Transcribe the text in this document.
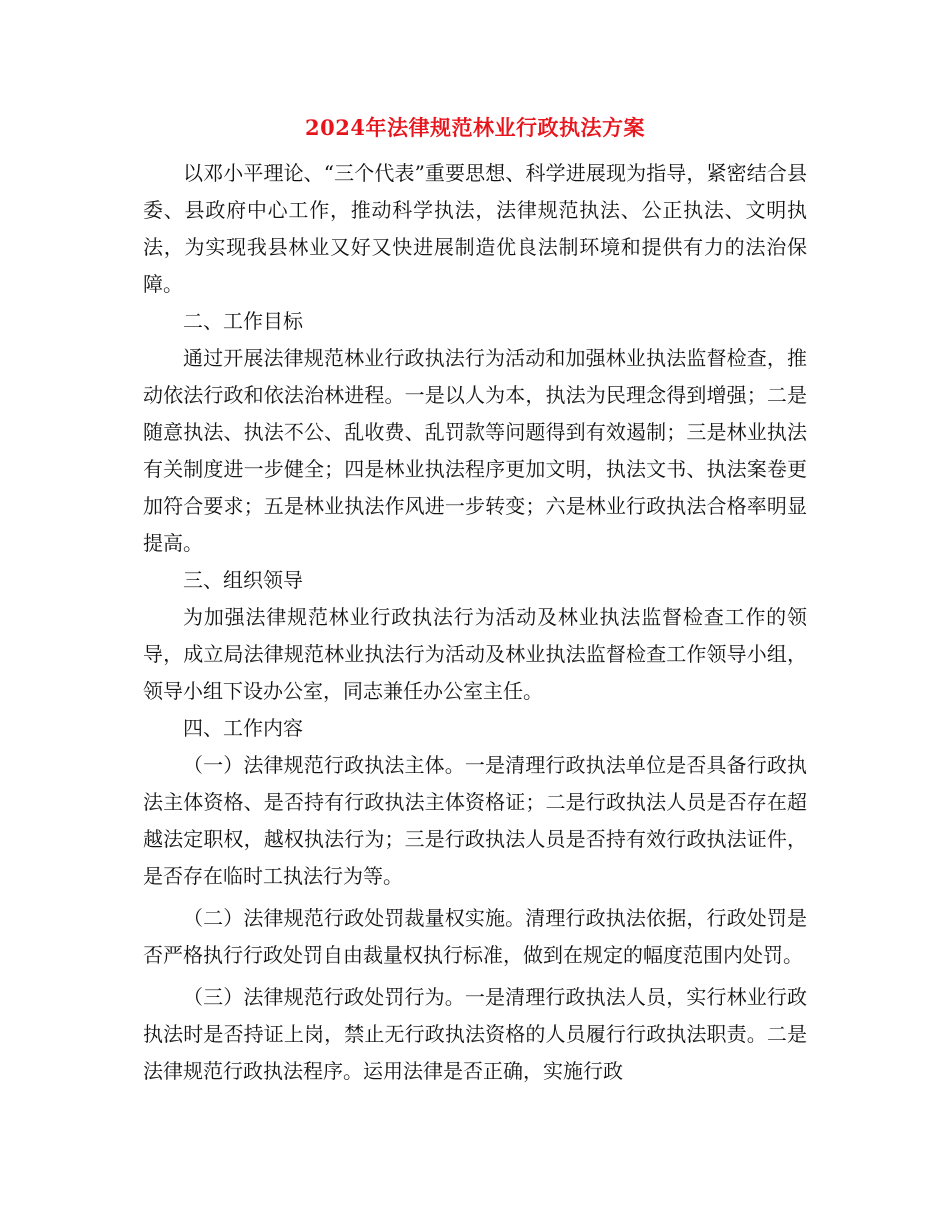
2024年法律规范林业行政执法方案

以邓小平理论、“三个代表”重要思想、科学进展现为指导，紧密结合县委、县政府中心工作，推动科学执法，法律规范执法、公正执法、文明执法，为实现我县林业又好又快进展制造优良法制环境和提供有力的法治保障。

二、工作目标

通过开展法律规范林业行政执法行为活动和加强林业执法监督检查，推动依法行政和依法治林进程。一是以人为本，执法为民理念得到增强；二是随意执法、执法不公、乱收费、乱罚款等问题得到有效遏制；三是林业执法有关制度进一步健全；四是林业执法程序更加文明，执法文书、执法案卷更加符合要求；五是林业执法作风进一步转变；六是林业行政执法合格率明显提高。

三、组织领导

为加强法律规范林业行政执法行为活动及林业执法监督检查工作的领导，成立局法律规范林业执法行为活动及林业执法监督检查工作领导小组，领导小组下设办公室，同志兼任办公室主任。

四、工作内容

（一）法律规范行政执法主体。一是清理行政执法单位是否具备行政执法主体资格、是否持有行政执法主体资格证；二是行政执法人员是否存在超越法定职权，越权执法行为；三是行政执法人员是否持有效行政执法证件，是否存在临时工执法行为等。

（二）法律规范行政处罚裁量权实施。清理行政执法依据，行政处罚是否严格执行行政处罚自由裁量权执行标准，做到在规定的幅度范围内处罚。

（三）法律规范行政处罚行为。一是清理行政执法人员，实行林业行政执法时是否持证上岗，禁止无行政执法资格的人员履行行政执法职责。二是法律规范行政执法程序。运用法律是否正确，实施行政
